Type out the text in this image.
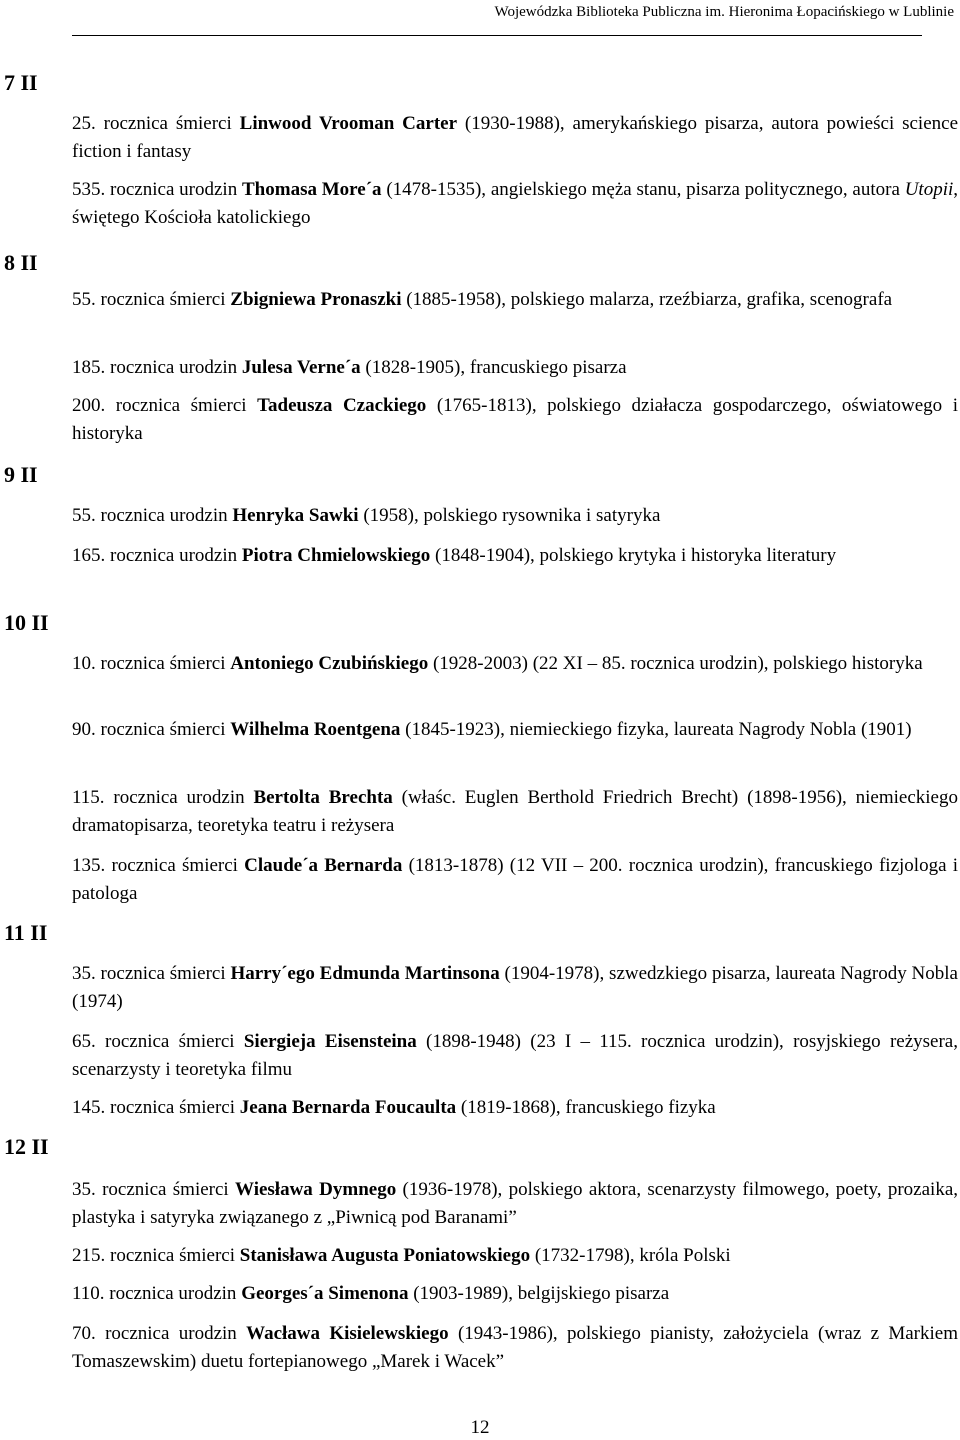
Wojewódzka Biblioteka Publiczna im. Hieronima Łopacińskiego w Lublinie
7 II
8 II
9 II
10 II
11 II
12 II
25. rocznica śmierci Linwood Vrooman Carter (1930-1988), amerykańskiego pisarza, autora powieści science fiction i fantasy
535. rocznica urodzin Thomasa More´a (1478-1535), angielskiego męża stanu, pisarza politycznego, autora Utopii, świętego Kościoła katolickiego
55. rocznica śmierci Zbigniewa Pronaszki (1885-1958), polskiego malarza, rzeźbiarza, grafika, scenografa
185. rocznica urodzin Julesa Verne´a (1828-1905), francuskiego pisarza
200. rocznica śmierci Tadeusza Czackiego (1765-1813), polskiego działacza gospodarczego, oświatowego i historyka
55. rocznica urodzin Henryka Sawki (1958), polskiego rysownika i satyryka
165. rocznica urodzin Piotra Chmielowskiego (1848-1904), polskiego krytyka i historyka literatury
10. rocznica śmierci Antoniego Czubińskiego (1928-2003) (22 XI – 85. rocznica urodzin), polskiego historyka
90. rocznica śmierci Wilhelma Roentgena (1845-1923), niemieckiego fizyka, laureata Nagrody Nobla (1901)
115. rocznica urodzin Bertolta Brechta (właśc. Euglen Berthold Friedrich Brecht) (1898-1956), niemieckiego dramatopisarza, teoretyka teatru i reżysera
135. rocznica śmierci Claude´a Bernarda (1813-1878) (12 VII – 200. rocznica urodzin), francuskiego fizjologa i patologa
35. rocznica śmierci Harry´ego Edmunda Martinsona (1904-1978), szwedzkiego pisarza, laureata Nagrody Nobla (1974)
65. rocznica śmierci Siergieja Eisensteina (1898-1948) (23 I – 115. rocznica urodzin), rosyjskiego reżysera, scenarzysty i teoretyka filmu
145. rocznica śmierci Jeana Bernarda Foucaulta (1819-1868), francuskiego fizyka
35. rocznica śmierci Wiesława Dymnego (1936-1978), polskiego aktora, scenarzysty filmowego, poety, prozaika, plastyka i satyryka związanego z „Piwnicą pod Baranami”
215. rocznica śmierci Stanisława Augusta Poniatowskiego (1732-1798), króla Polski
110. rocznica urodzin Georges´a Simenona (1903-1989), belgijskiego pisarza
70. rocznica urodzin Wacława Kisielewskiego (1943-1986), polskiego pianisty, założyciela (wraz z Markiem Tomaszewskim) duetu fortepianowego „Marek i Wacek”
12
